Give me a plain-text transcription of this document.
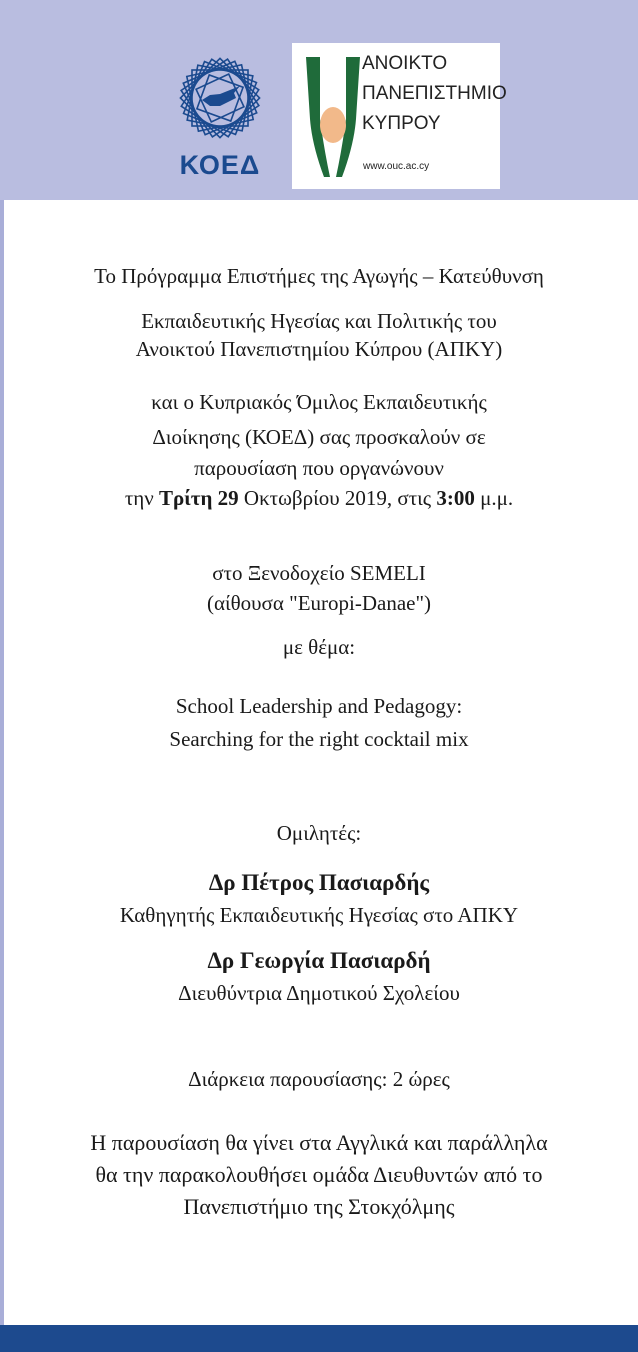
ΚΟΕΔ
ΑΝΟΙΚΤΟ
ΠΑΝΕΠΙΣΤΗΜΙΟ
ΚΥΠΡΟΥ
www.ouc.ac.cy
Το Πρόγραμμα Επιστήμες της Αγωγής – Κατεύθυνση
Εκπαιδευτικής Ηγεσίας και Πολιτικής του
Ανοικτού Πανεπιστημίου Κύπρου (ΑΠΚΥ)
και ο Κυπριακός Όμιλος Εκπαιδευτικής
Διοίκησης (ΚΟΕΔ) σας προσκαλούν σε
παρουσίαση που οργανώνουν
την Τρίτη 29 Οκτωβρίου 2019, στις 3:00 μ.μ.
στο Ξενοδοχείο SEMELI
(αίθουσα "Europi-Danae")
με θέμα:
School Leadership and Pedagogy:
Searching for the right cocktail mix
Ομιλητές:
Δρ Πέτρος Πασιαρδής
Καθηγητής Εκπαιδευτικής Ηγεσίας στο ΑΠΚΥ
Δρ Γεωργία Πασιαρδή
Διευθύντρια Δημοτικού Σχολείου
Διάρκεια παρουσίασης: 2 ώρες
Η παρουσίαση θα γίνει στα Αγγλικά και παράλληλα
θα την παρακολουθήσει ομάδα Διευθυντών από το
Πανεπιστήμιο της Στοκχόλμης
